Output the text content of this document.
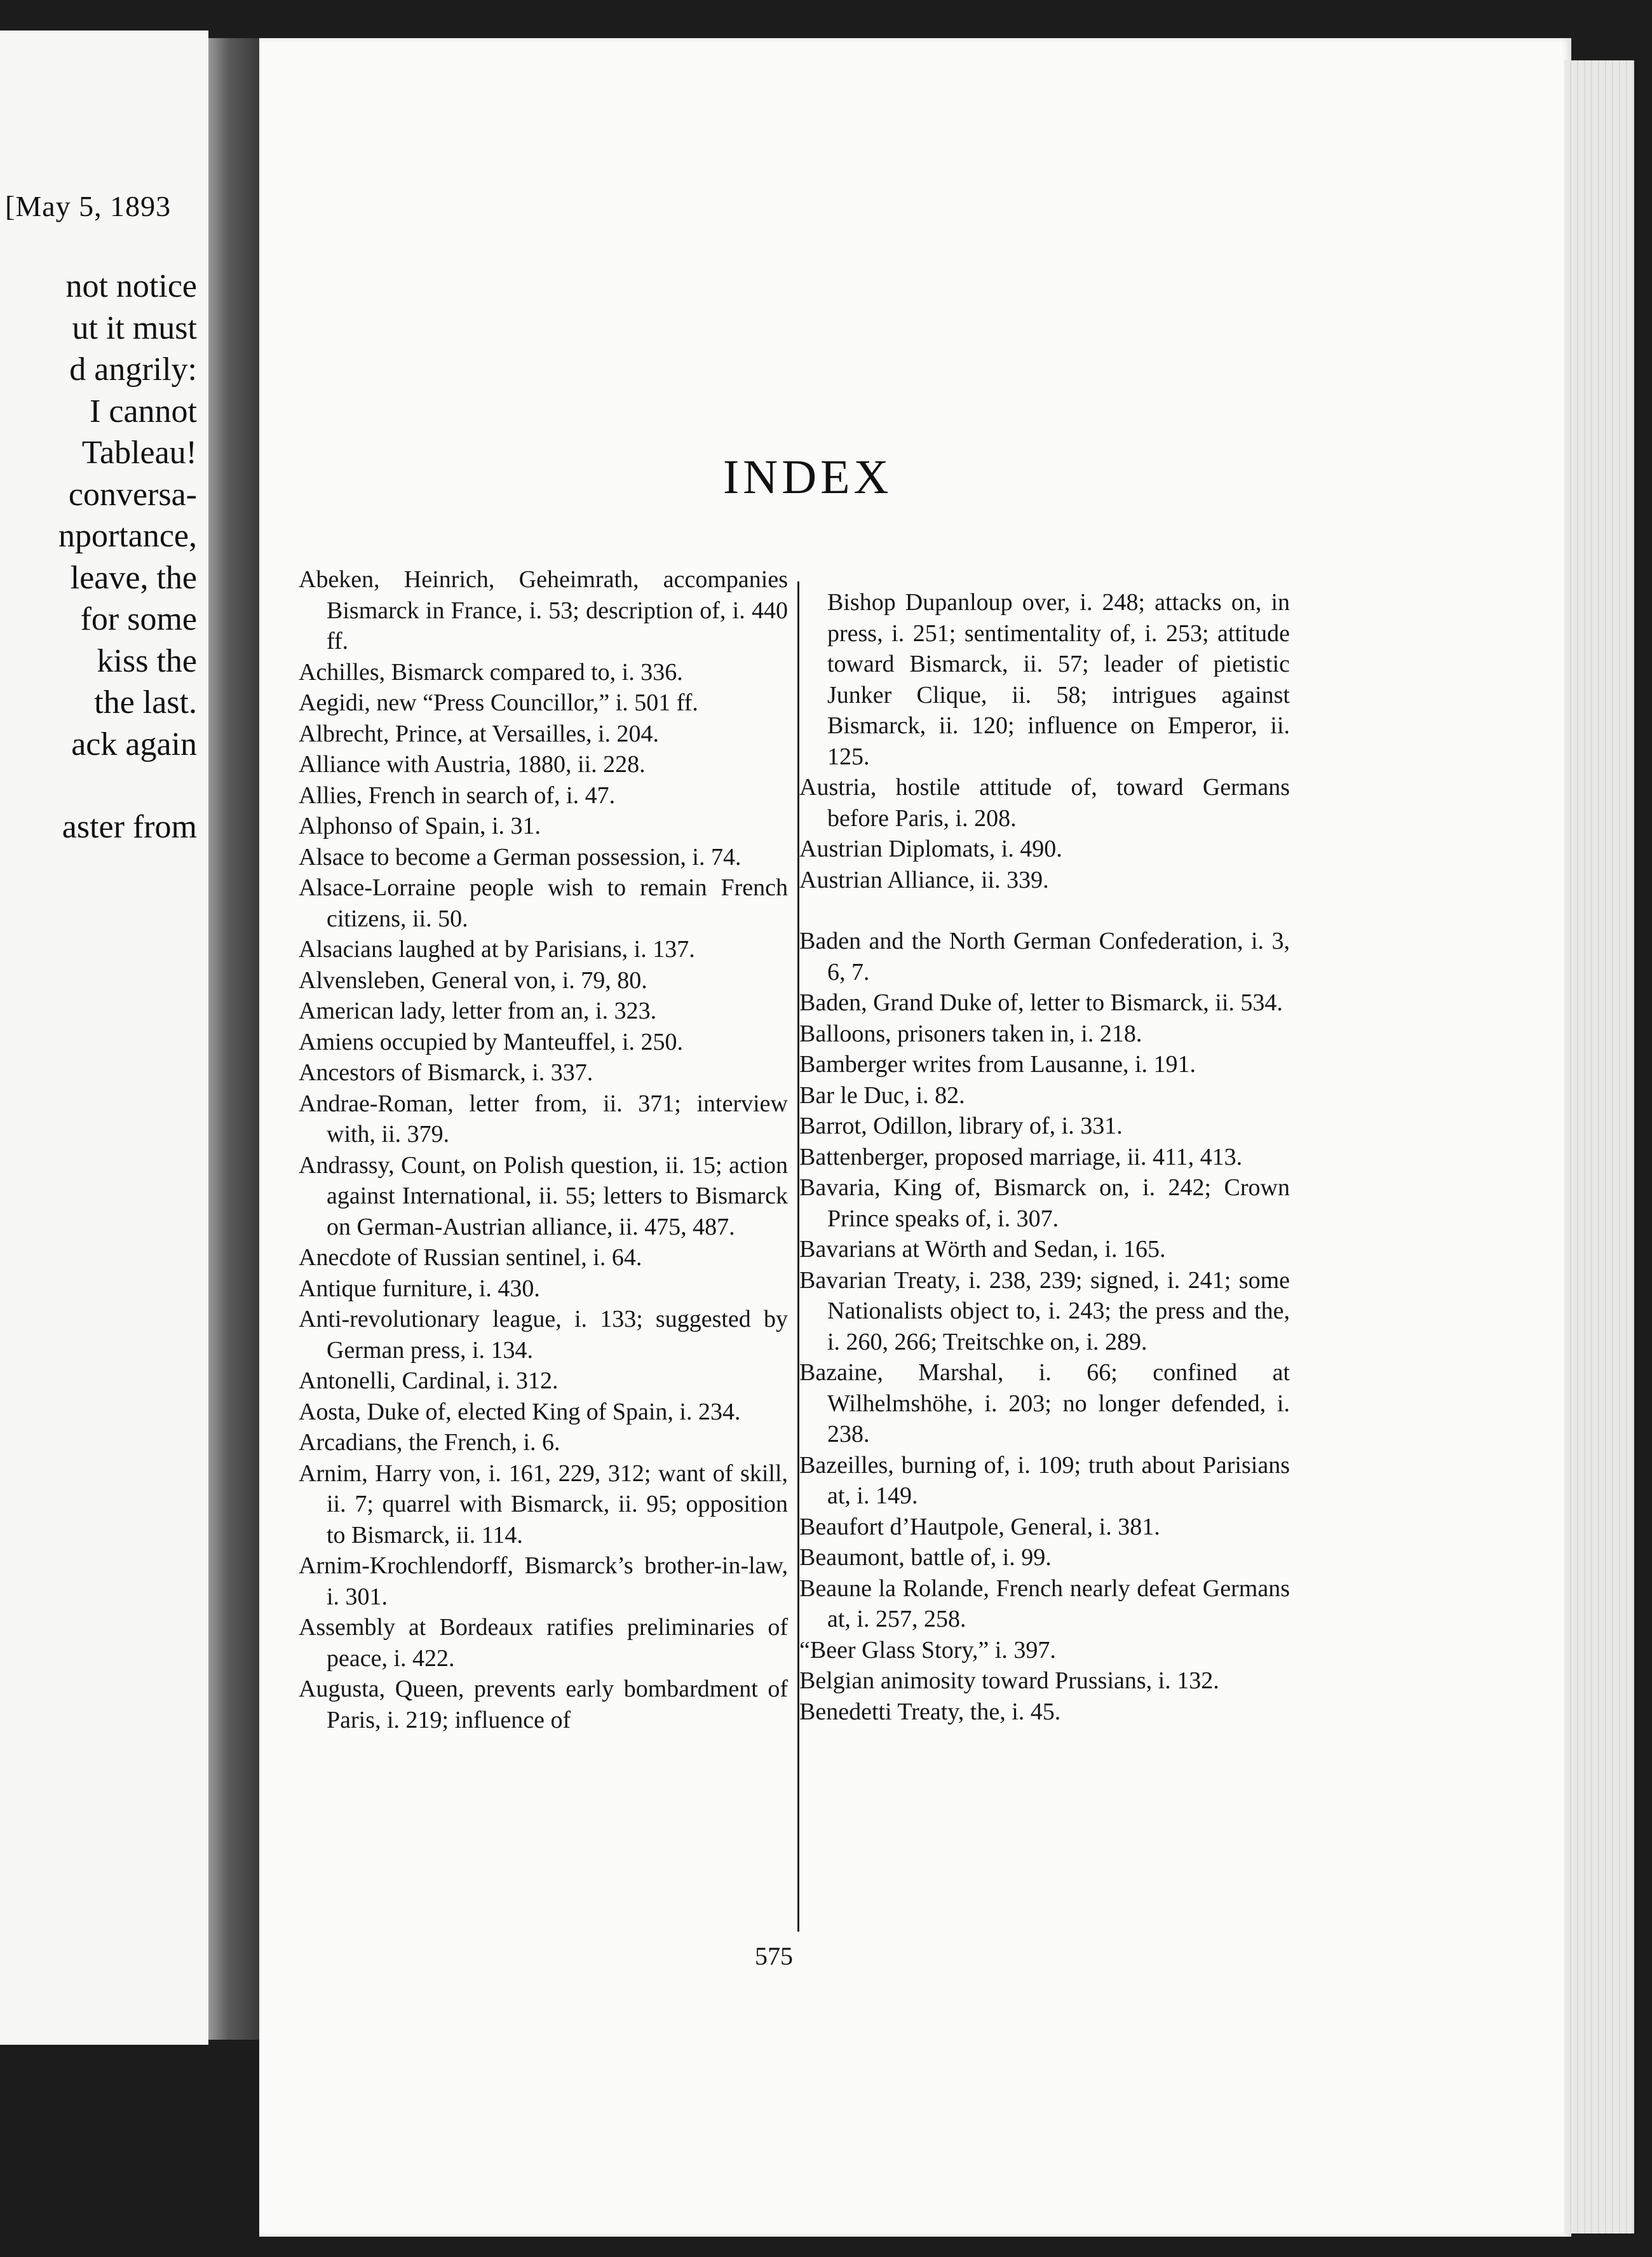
[May 5, 1893
not notice
ut it must
d angrily:
I cannot
Tableau!
conversa-
nportance,
leave, the
for some
kiss the
the last.
ack again
aster from
INDEX
Abeken, Heinrich, Geheimrath, accompanies Bismarck in France, i. 53; description of, i. 440 ff.
Achilles, Bismarck compared to, i. 336.
Aegidi, new “Press Councillor,” i. 501 ff.
Albrecht, Prince, at Versailles, i. 204.
Alliance with Austria, 1880, ii. 228.
Allies, French in search of, i. 47.
Alphonso of Spain, i. 31.
Alsace to become a German possession, i. 74.
Alsace-Lorraine people wish to remain French citizens, ii. 50.
Alsacians laughed at by Parisians, i. 137.
Alvensleben, General von, i. 79, 80.
American lady, letter from an, i. 323.
Amiens occupied by Manteuffel, i. 250.
Ancestors of Bismarck, i. 337.
Andrae-Roman, letter from, ii. 371; interview with, ii. 379.
Andrassy, Count, on Polish question, ii. 15; action against International, ii. 55; letters to Bismarck on German-Austrian alliance, ii. 475, 487.
Anecdote of Russian sentinel, i. 64.
Antique furniture, i. 430.
Anti-revolutionary league, i. 133; suggested by German press, i. 134.
Antonelli, Cardinal, i. 312.
Aosta, Duke of, elected King of Spain, i. 234.
Arcadians, the French, i. 6.
Arnim, Harry von, i. 161, 229, 312; want of skill, ii. 7; quarrel with Bismarck, ii. 95; opposition to Bismarck, ii. 114.
Arnim-Krochlendorff, Bismarck’s brother-in-law, i. 301.
Assembly at Bordeaux ratifies preliminaries of peace, i. 422.
Augusta, Queen, prevents early bombardment of Paris, i. 219; influence of
Bishop Dupanloup over, i. 248; attacks on, in press, i. 251; sentimentality of, i. 253; attitude toward Bismarck, ii. 57; leader of pietistic Junker Clique, ii. 58; intrigues against Bismarck, ii. 120; influence on Emperor, ii. 125.
Austria, hostile attitude of, toward Germans before Paris, i. 208.
Austrian Diplomats, i. 490.
Austrian Alliance, ii. 339.
Baden and the North German Confederation, i. 3, 6, 7.
Baden, Grand Duke of, letter to Bismarck, ii. 534.
Balloons, prisoners taken in, i. 218.
Bamberger writes from Lausanne, i. 191.
Bar le Duc, i. 82.
Barrot, Odillon, library of, i. 331.
Battenberger, proposed marriage, ii. 411, 413.
Bavaria, King of, Bismarck on, i. 242; Crown Prince speaks of, i. 307.
Bavarians at Wörth and Sedan, i. 165.
Bavarian Treaty, i. 238, 239; signed, i. 241; some Nationalists object to, i. 243; the press and the, i. 260, 266; Treitschke on, i. 289.
Bazaine, Marshal, i. 66; confined at Wilhelmshöhe, i. 203; no longer defended, i. 238.
Bazeilles, burning of, i. 109; truth about Parisians at, i. 149.
Beaufort d’Hautpole, General, i. 381.
Beaumont, battle of, i. 99.
Beaune la Rolande, French nearly defeat Germans at, i. 257, 258.
“Beer Glass Story,” i. 397.
Belgian animosity toward Prussians, i. 132.
Benedetti Treaty, the, i. 45.
575
